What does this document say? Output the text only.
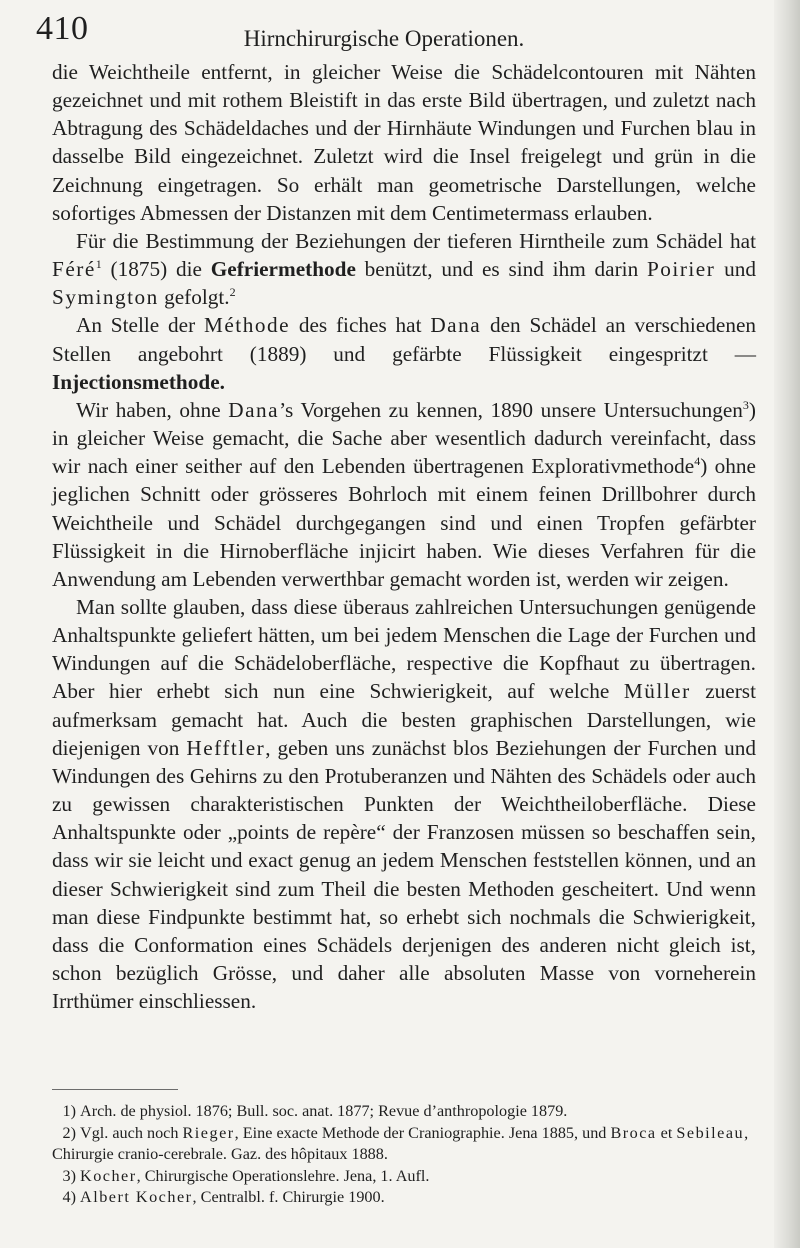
410	Hirnchirurgische Operationen.

die Weichtheile entfernt, in gleicher Weise die Schädelcontouren mit Nähten gezeichnet und mit rothem Bleistift in das erste Bild übertragen, und zuletzt nach Abtragung des Schädeldaches und der Hirnhäute Windungen und Furchen blau in dasselbe Bild eingezeichnet. Zuletzt wird die Insel freigelegt und grün in die Zeichnung eingetragen. So erhält man geometrische Darstellungen, welche sofortiges Abmessen der Distanzen mit dem Centimetermass erlauben.

Für die Bestimmung der Beziehungen der tieferen Hirntheile zum Schädel hat Féré$^1$ (1875) die Gefriermethode benützt, und es sind ihm darin Poirier und Symington gefolgt.$^2$

An Stelle der Méthode des fiches hat Dana den Schädel an verschiedenen Stellen angebohrt (1889) und gefärbte Flüssigkeit eingespritzt — Injectionsmethode.

Wir haben, ohne Dana’s Vorgehen zu kennen, 1890 unsere Untersuchungen$^3$) in gleicher Weise gemacht, die Sache aber wesentlich dadurch vereinfacht, dass wir nach einer seither auf den Lebenden übertragenen Explorativmethode$^4$) ohne jeglichen Schnitt oder grösseres Bohrloch mit einem feinen Drillbohrer durch Weichtheile und Schädel durchgegangen sind und einen Tropfen gefärbter Flüssigkeit in die Hirnoberfläche injicirt haben. Wie dieses Verfahren für die Anwendung am Lebenden verwerthbar gemacht worden ist, werden wir zeigen.

Man sollte glauben, dass diese überaus zahlreichen Untersuchungen genügende Anhaltspunkte geliefert hätten, um bei jedem Menschen die Lage der Furchen und Windungen auf die Schädeloberfläche, respective die Kopfhaut zu übertragen. Aber hier erhebt sich nun eine Schwierigkeit, auf welche Müller zuerst aufmerksam gemacht hat. Auch die besten graphischen Darstellungen, wie diejenigen von Hefftler, geben uns zunächst blos Beziehungen der Furchen und Windungen des Gehirns zu den Protuberanzen und Nähten des Schädels oder auch zu gewissen charakteristischen Punkten der Weichtheiloberfläche. Diese Anhaltspunkte oder „points de repère“ der Franzosen müssen so beschaffen sein, dass wir sie leicht und exact genug an jedem Menschen feststellen können, und an dieser Schwierigkeit sind zum Theil die besten Methoden gescheitert. Und wenn man diese Findpunkte bestimmt hat, so erhebt sich nochmals die Schwierigkeit, dass die Conformation eines Schädels derjenigen des anderen nicht gleich ist, schon bezüglich Grösse, und daher alle absoluten Masse von vorneherein Irrthümer einschliessen.

1) Arch. de physiol. 1876; Bull. soc. anat. 1877; Revue d’anthropologie 1879.

2) Vgl. auch noch Rieger, Eine exacte Methode der Craniographie. Jena 1885, und Broca et Sebileau, Chirurgie cranio-cerebrale. Gaz. des hôpitaux 1888.

3) Kocher, Chirurgische Operationslehre. Jena, 1. Aufl.

4) Albert Kocher, Centralbl. f. Chirurgie 1900.
